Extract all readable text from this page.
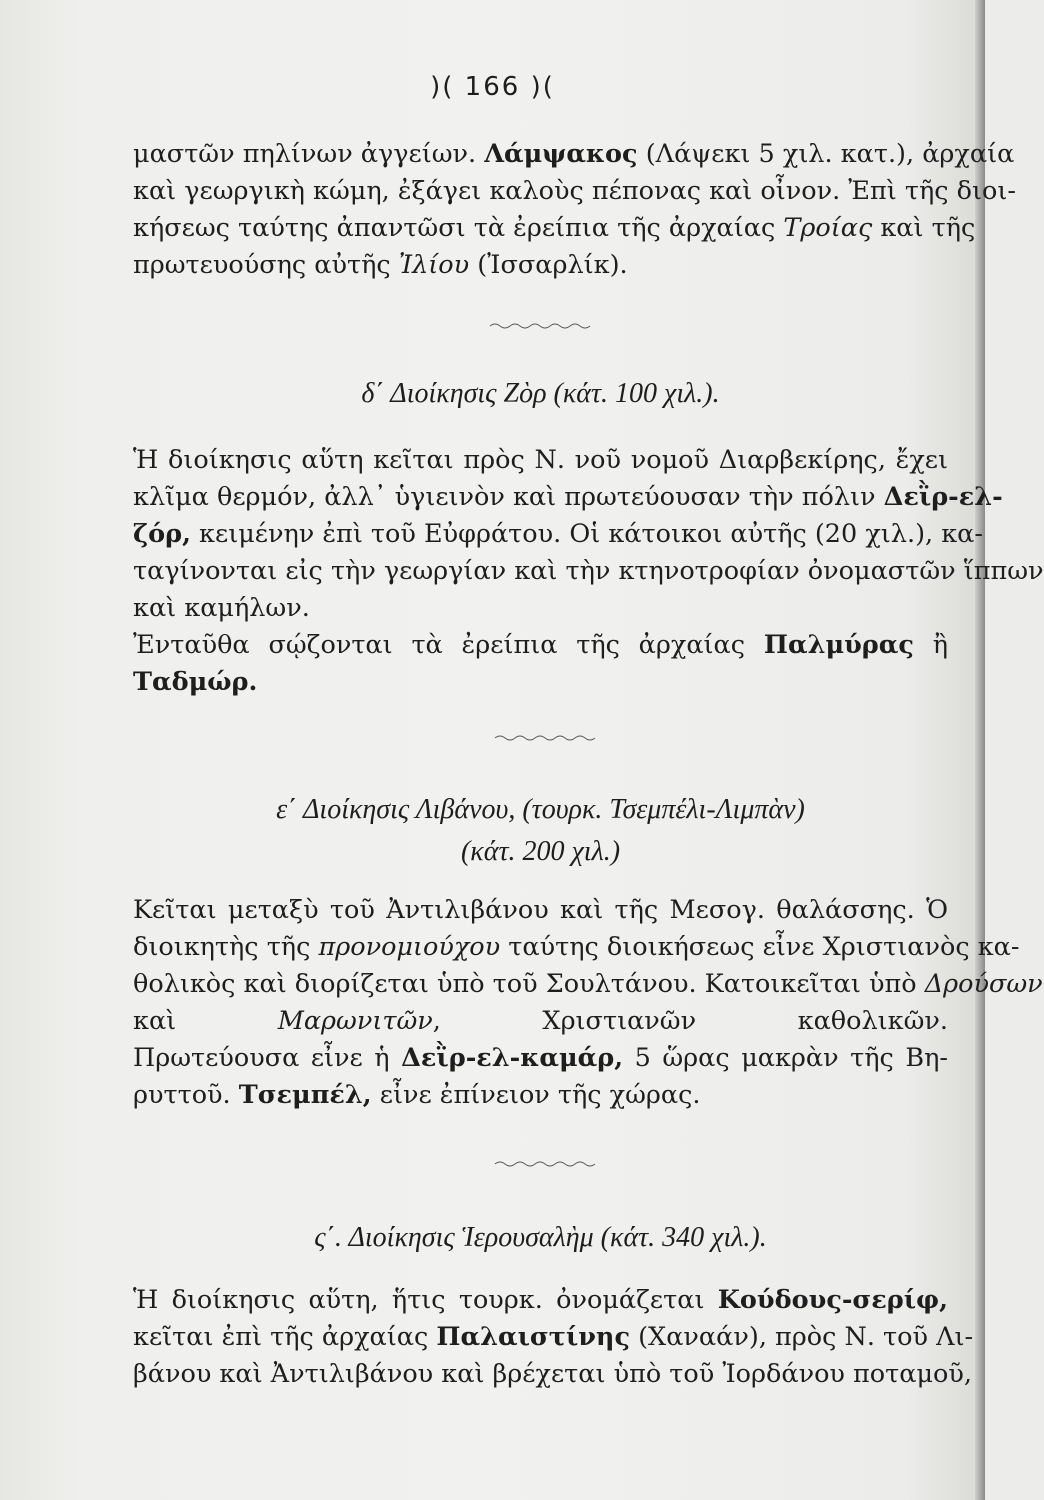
)( 166 )(
μαστῶν πηλίνων ἀγγείων. Λάμψακος (Λάψεκι 5 χιλ. κατ.), ἀρχαία
καὶ γεωργικὴ κώμη, ἐξάγει καλοὺς πέπονας καὶ οἶνον. Ἐπὶ τῆς διοι-
κήσεως ταύτης ἀπαντῶσι τὰ ἐρείπια τῆς ἀρχαίας Τροίας καὶ τῆς
πρωτευούσης αὐτῆς Ἰλίου (Ἰσσαρλίκ).
δ΄ Διοίκησις Ζὸρ (κάτ. 100 χιλ.).
Ἡ διοίκησις αὕτη κεῖται πρὸς Ν. νοῦ νομοῦ Διαρβεκίρης, ἔχει
κλῖμα θερμόν, ἀλλ᾽ ὑγιεινὸν καὶ πρωτεύουσαν τὴν πόλιν Δεῒρ-ελ-
ζόρ, κειμένην ἐπὶ τοῦ Εὐφράτου. Οἱ κάτοικοι αὐτῆς (20 χιλ.), κα-
ταγίνονται εἰς τὴν γεωργίαν καὶ τὴν κτηνοτροφίαν ὀνομαστῶν ἵππων
καὶ καμήλων.
Ἐνταῦθα σῴζονται τὰ ἐρείπια τῆς ἀρχαίας Παλμύρας ἢ
Ταδμώρ.
ε΄ Διοίκησις Λιβάνου, (τουρκ. Τσεμπέλι-Λιμπὰν)
(κάτ. 200 χιλ.)
Κεῖται μεταξὺ τοῦ Ἀντιλιβάνου καὶ τῆς Μεσογ. θαλάσσης. Ὁ
διοικητὴς τῆς προνομιούχου ταύτης διοικήσεως εἶνε Χριστιανὸς κα-
θολικὸς καὶ διορίζεται ὑπὸ τοῦ Σουλτάνου. Κατοικεῖται ὑπὸ Δρούσων
καὶ Μαρωνιτῶν, Χριστιανῶν καθολικῶν.
Πρωτεύουσα εἶνε ἡ Δεῒρ-ελ-καμάρ, 5 ὥρας μακρὰν τῆς Βη-
ρυττοῦ. Τσεμπέλ, εἶνε ἐπίνειον τῆς χώρας.
ς΄. Διοίκησις Ἱερουσαλὴμ (κάτ. 340 χιλ.).
Ἡ διοίκησις αὕτη, ἥτις τουρκ. ὀνομάζεται Κούδους-σερίφ,
κεῖται ἐπὶ τῆς ἀρχαίας Παλαιστίνης (Χαναάν), πρὸς Ν. τοῦ Λι-
βάνου καὶ Ἀντιλιβάνου καὶ βρέχεται ὑπὸ τοῦ Ἰορδάνου ποταμοῦ,
